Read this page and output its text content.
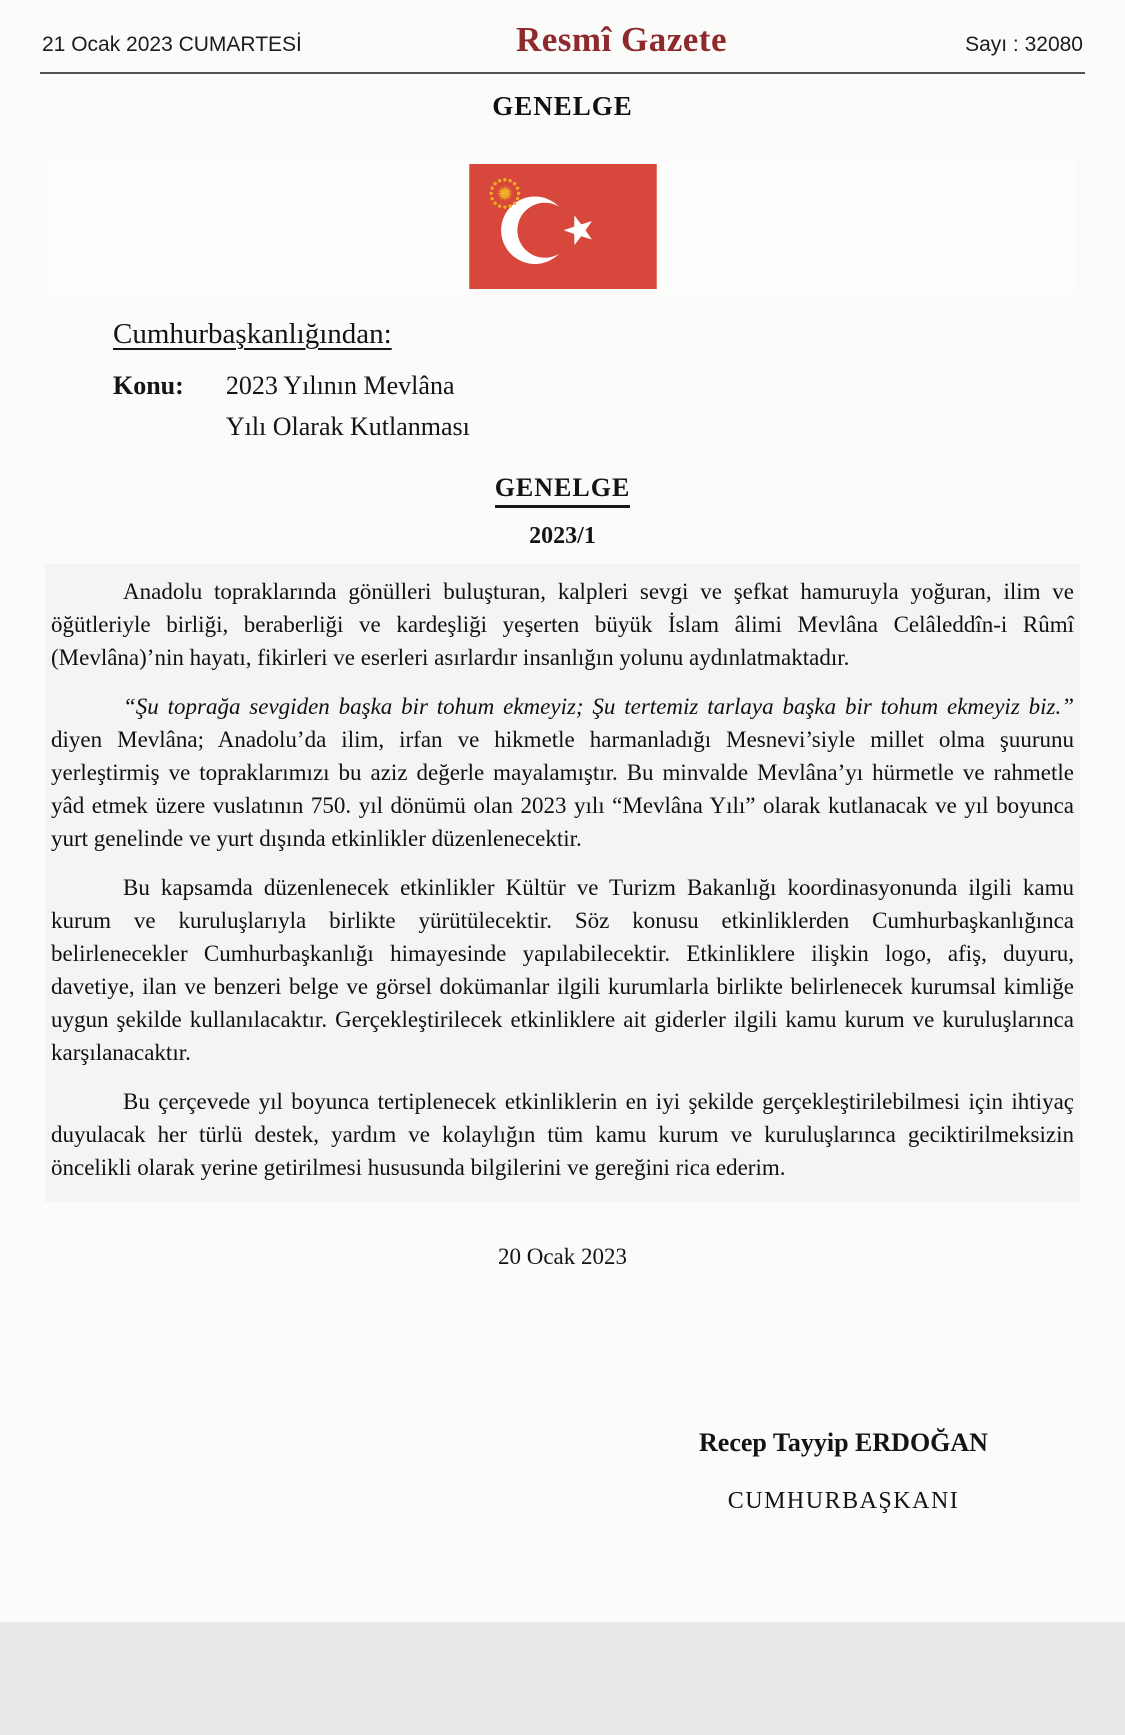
21 Ocak 2023 CUMARTESİ	Resmî Gazete	Sayı : 32080
GENELGE
Cumhurbaşkanlığından:
Konu: 2023 Yılının Mevlâna
Yılı Olarak Kutlanması
GENELGE
2023/1

Anadolu topraklarında gönülleri buluşturan, kalpleri sevgi ve şefkat hamuruyla yoğuran, ilim ve öğütleriyle birliği, beraberliği ve kardeşliği yeşerten büyük İslam âlimi Mevlâna Celâleddîn-i Rûmî (Mevlâna)’nin hayatı, fikirleri ve eserleri asırlardır insanlığın yolunu aydınlatmaktadır.

“Şu toprağa sevgiden başka bir tohum ekmeyiz; Şu tertemiz tarlaya başka bir tohum ekmeyiz biz.” diyen Mevlâna; Anadolu’da ilim, irfan ve hikmetle harmanladığı Mesnevi’siyle millet olma şuurunu yerleştirmiş ve topraklarımızı bu aziz değerle mayalamıştır. Bu minvalde Mevlâna’yı hürmetle ve rahmetle yâd etmek üzere vuslatının 750. yıl dönümü olan 2023 yılı “Mevlâna Yılı” olarak kutlanacak ve yıl boyunca yurt genelinde ve yurt dışında etkinlikler düzenlenecektir.

Bu kapsamda düzenlenecek etkinlikler Kültür ve Turizm Bakanlığı koordinasyonunda ilgili kamu kurum ve kuruluşlarıyla birlikte yürütülecektir. Söz konusu etkinliklerden Cumhurbaşkanlığınca belirlenecekler Cumhurbaşkanlığı himayesinde yapılabilecektir. Etkinliklere ilişkin logo, afiş, duyuru, davetiye, ilan ve benzeri belge ve görsel dokümanlar ilgili kurumlarla birlikte belirlenecek kurumsal kimliğe uygun şekilde kullanılacaktır. Gerçekleştirilecek etkinliklere ait giderler ilgili kamu kurum ve kuruluşlarınca karşılanacaktır.

Bu çerçevede yıl boyunca tertiplenecek etkinliklerin en iyi şekilde gerçekleştirilebilmesi için ihtiyaç duyulacak her türlü destek, yardım ve kolaylığın tüm kamu kurum ve kuruluşlarınca geciktirilmeksizin öncelikli olarak yerine getirilmesi hususunda bilgilerini ve gereğini rica ederim.

20 Ocak 2023
Recep Tayyip ERDOĞAN
CUMHURBAŞKANI
